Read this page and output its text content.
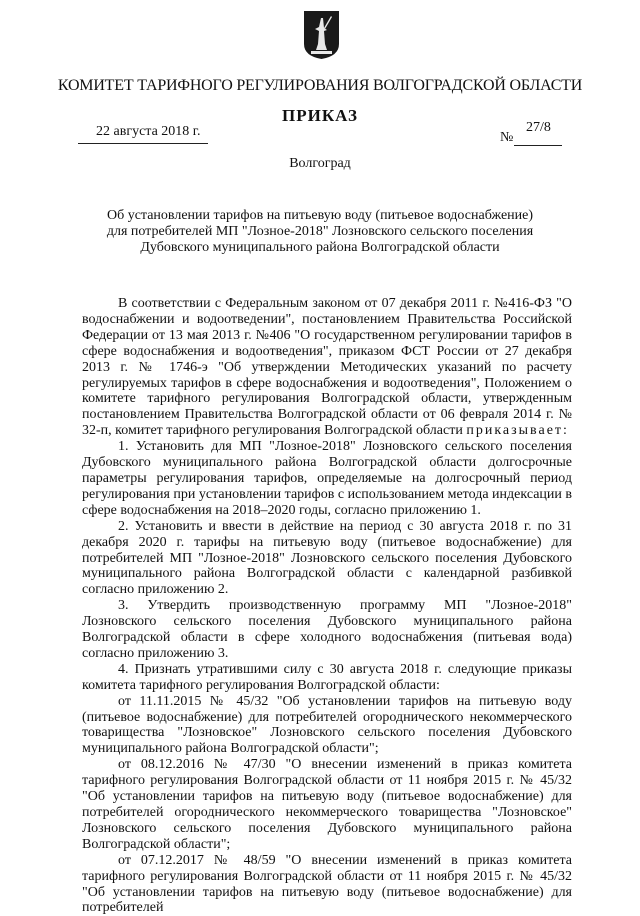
КОМИТЕТ ТАРИФНОГО РЕГУЛИРОВАНИЯ ВОЛГОГРАДСКОЙ ОБЛАСТИ
ПРИКАЗ
22 августа 2018 г.	№
27/8
Волгоград
Об установлении тарифов на питьевую воду (питьевое водоснабжение) для потребителей МП "Лозное-2018" Лозновского сельского поселения Дубовского муниципального района Волгоградской области

В соответствии с Федеральным законом от 07 декабря 2011 г. №416-ФЗ "О водоснабжении и водоотведении", постановлением Правительства Российской Федерации от 13 мая 2013 г. №406 "О государственном регулировании тарифов в сфере водоснабжения и водоотведения", приказом ФСТ России от 27 декабря 2013 г. № 1746-э "Об утверждении Методических указаний по расчету регулируемых тарифов в сфере водоснабжения и водоотведения", Положением о комитете тарифного регулирования Волгоградской области, утвержденным постановлением Правительства Волгоградской области от 06 февраля 2014 г. № 32-п, комитет тарифного регулирования Волгоградской области приказывает:

1. Установить для МП "Лозное-2018" Лозновского сельского поселения Дубовского муниципального района Волгоградской области долгосрочные параметры регулирования тарифов, определяемые на долгосрочный период регулирования при установлении тарифов с использованием метода индексации в сфере водоснабжения на 2018–2020 годы, согласно приложению 1.

2. Установить и ввести в действие на период с 30 августа 2018 г. по 31 декабря 2020 г. тарифы на питьевую воду (питьевое водоснабжение) для потребителей МП "Лозное-2018" Лозновского сельского поселения Дубовского муниципального района Волгоградской области с календарной разбивкой согласно приложению 2.

3. Утвердить производственную программу МП "Лозное-2018" Лозновского сельского поселения Дубовского муниципального района Волгоградской области в сфере холодного водоснабжения (питьевая вода) согласно приложению 3.

4. Признать утратившими силу с 30 августа 2018 г. следующие приказы комитета тарифного регулирования Волгоградской области:

от 11.11.2015 № 45/32 "Об установлении тарифов на питьевую воду (питьевое водоснабжение) для потребителей огороднического некоммерческого товарищества "Лозновское" Лозновского сельского поселения Дубовского муниципального района Волгоградской области";

от 08.12.2016 № 47/30 "О внесении изменений в приказ комитета тарифного регулирования Волгоградской области от 11 ноября 2015 г. № 45/32 "Об установлении тарифов на питьевую воду (питьевое водоснабжение) для потребителей огороднического некоммерческого товарищества "Лозновское" Лозновского сельского поселения Дубовского муниципального района Волгоградской области";

от 07.12.2017 № 48/59 "О внесении изменений в приказ комитета тарифного регулирования Волгоградской области от 11 ноября 2015 г. № 45/32 "Об установлении тарифов на питьевую воду (питьевое водоснабжение) для потребителей
